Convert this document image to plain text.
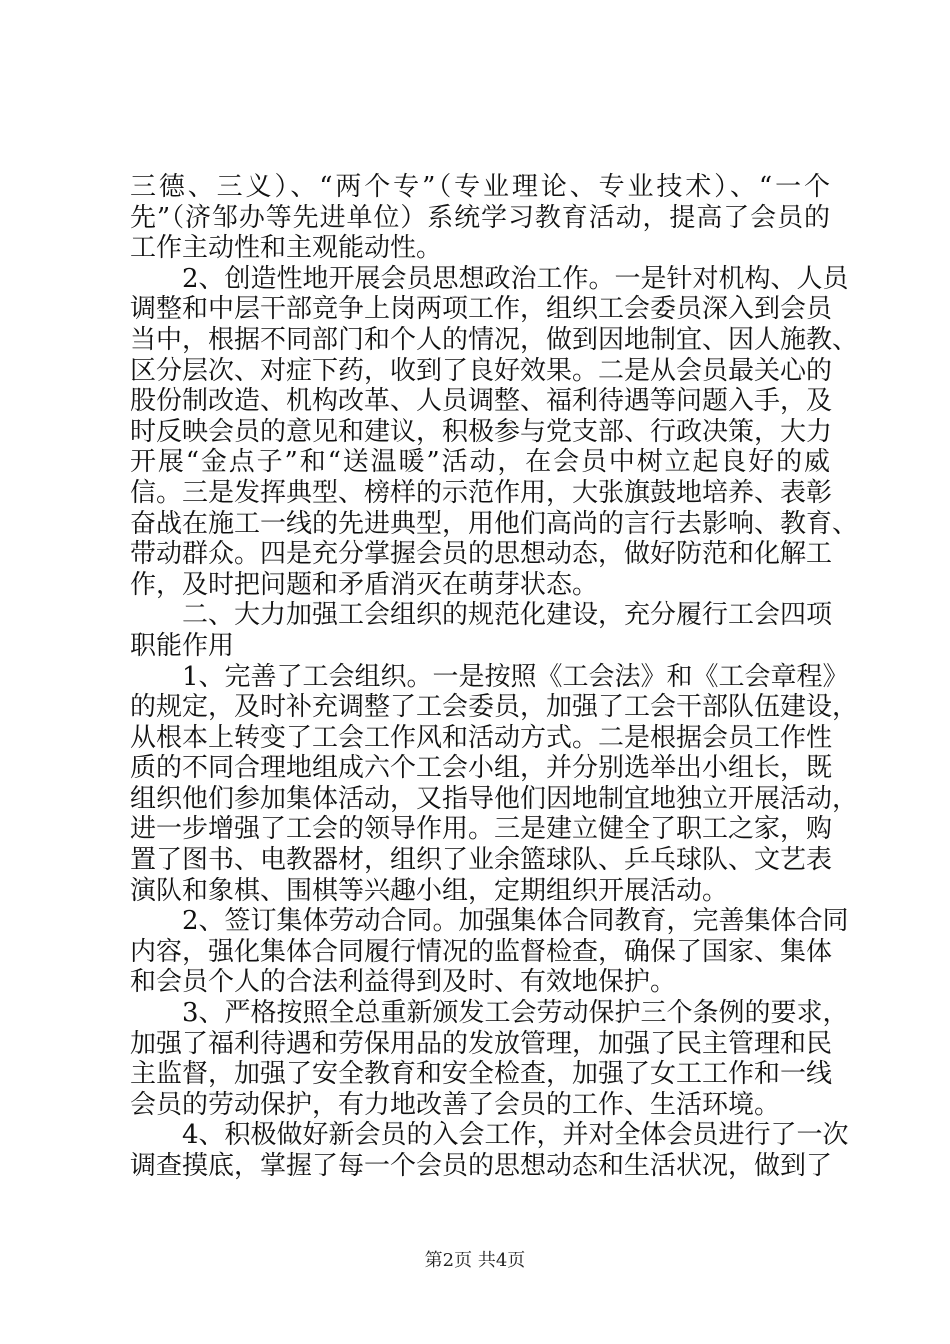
三德、三义）、“两个专”（专业理论、专业技术）、“一个
先”（济邹办等先进单位）系统学习教育活动，提高了会员的
工作主动性和主观能动性。
2、创造性地开展会员思想政治工作。一是针对机构、人员
调整和中层干部竞争上岗两项工作，组织工会委员深入到会员
当中，根据不同部门和个人的情况，做到因地制宜、因人施教、
区分层次、对症下药，收到了良好效果。二是从会员最关心的
股份制改造、机构改革、人员调整、福利待遇等问题入手，及
时反映会员的意见和建议，积极参与党支部、行政决策，大力
开展“金点子”和“送温暖”活动，在会员中树立起良好的威
信。三是发挥典型、榜样的示范作用，大张旗鼓地培养、表彰
奋战在施工一线的先进典型，用他们高尚的言行去影响、教育、
带动群众。四是充分掌握会员的思想动态，做好防范和化解工
作，及时把问题和矛盾消灭在萌芽状态。
二、大力加强工会组织的规范化建设，充分履行工会四项
职能作用
1、完善了工会组织。一是按照《工会法》和《工会章程》
的规定，及时补充调整了工会委员，加强了工会干部队伍建设，
从根本上转变了工会工作风和活动方式。二是根据会员工作性
质的不同合理地组成六个工会小组，并分别选举出小组长，既
组织他们参加集体活动，又指导他们因地制宜地独立开展活动，
进一步增强了工会的领导作用。三是建立健全了职工之家，购
置了图书、电教器材，组织了业余篮球队、乒乓球队、文艺表
演队和象棋、围棋等兴趣小组，定期组织开展活动。
2、签订集体劳动合同。加强集体合同教育，完善集体合同
内容，强化集体合同履行情况的监督检查，确保了国家、集体
和会员个人的合法利益得到及时、有效地保护。
3、严格按照全总重新颁发工会劳动保护三个条例的要求，
加强了福利待遇和劳保用品的发放管理，加强了民主管理和民
主监督，加强了安全教育和安全检查，加强了女工工作和一线
会员的劳动保护，有力地改善了会员的工作、生活环境。
4、积极做好新会员的入会工作，并对全体会员进行了一次
调查摸底，掌握了每一个会员的思想动态和生活状况，做到了
第2页 共4页
